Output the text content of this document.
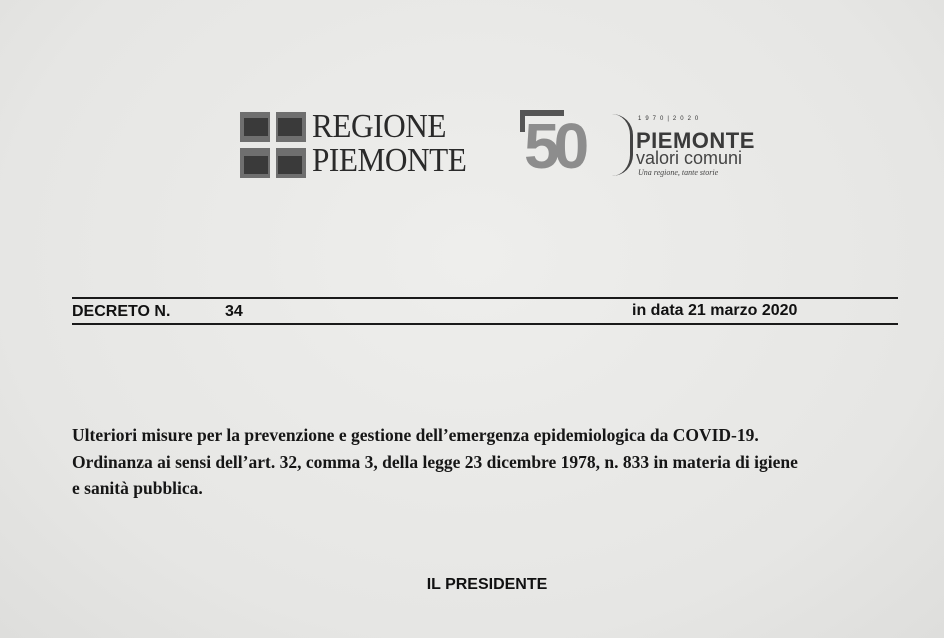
REGIONE
PIEMONTE 50	1970|2020
PIEMONTE
valori comuni
Una regione, tante storie
DECRETO N.	34	in data 21 marzo 2020
Ulteriori misure per la prevenzione e gestione dell’emergenza epidemiologica da COVID-19.
Ordinanza ai sensi dell’art. 32, comma 3, della legge 23 dicembre 1978, n. 833 in materia di igiene
e sanità pubblica.
IL PRESIDENTE
